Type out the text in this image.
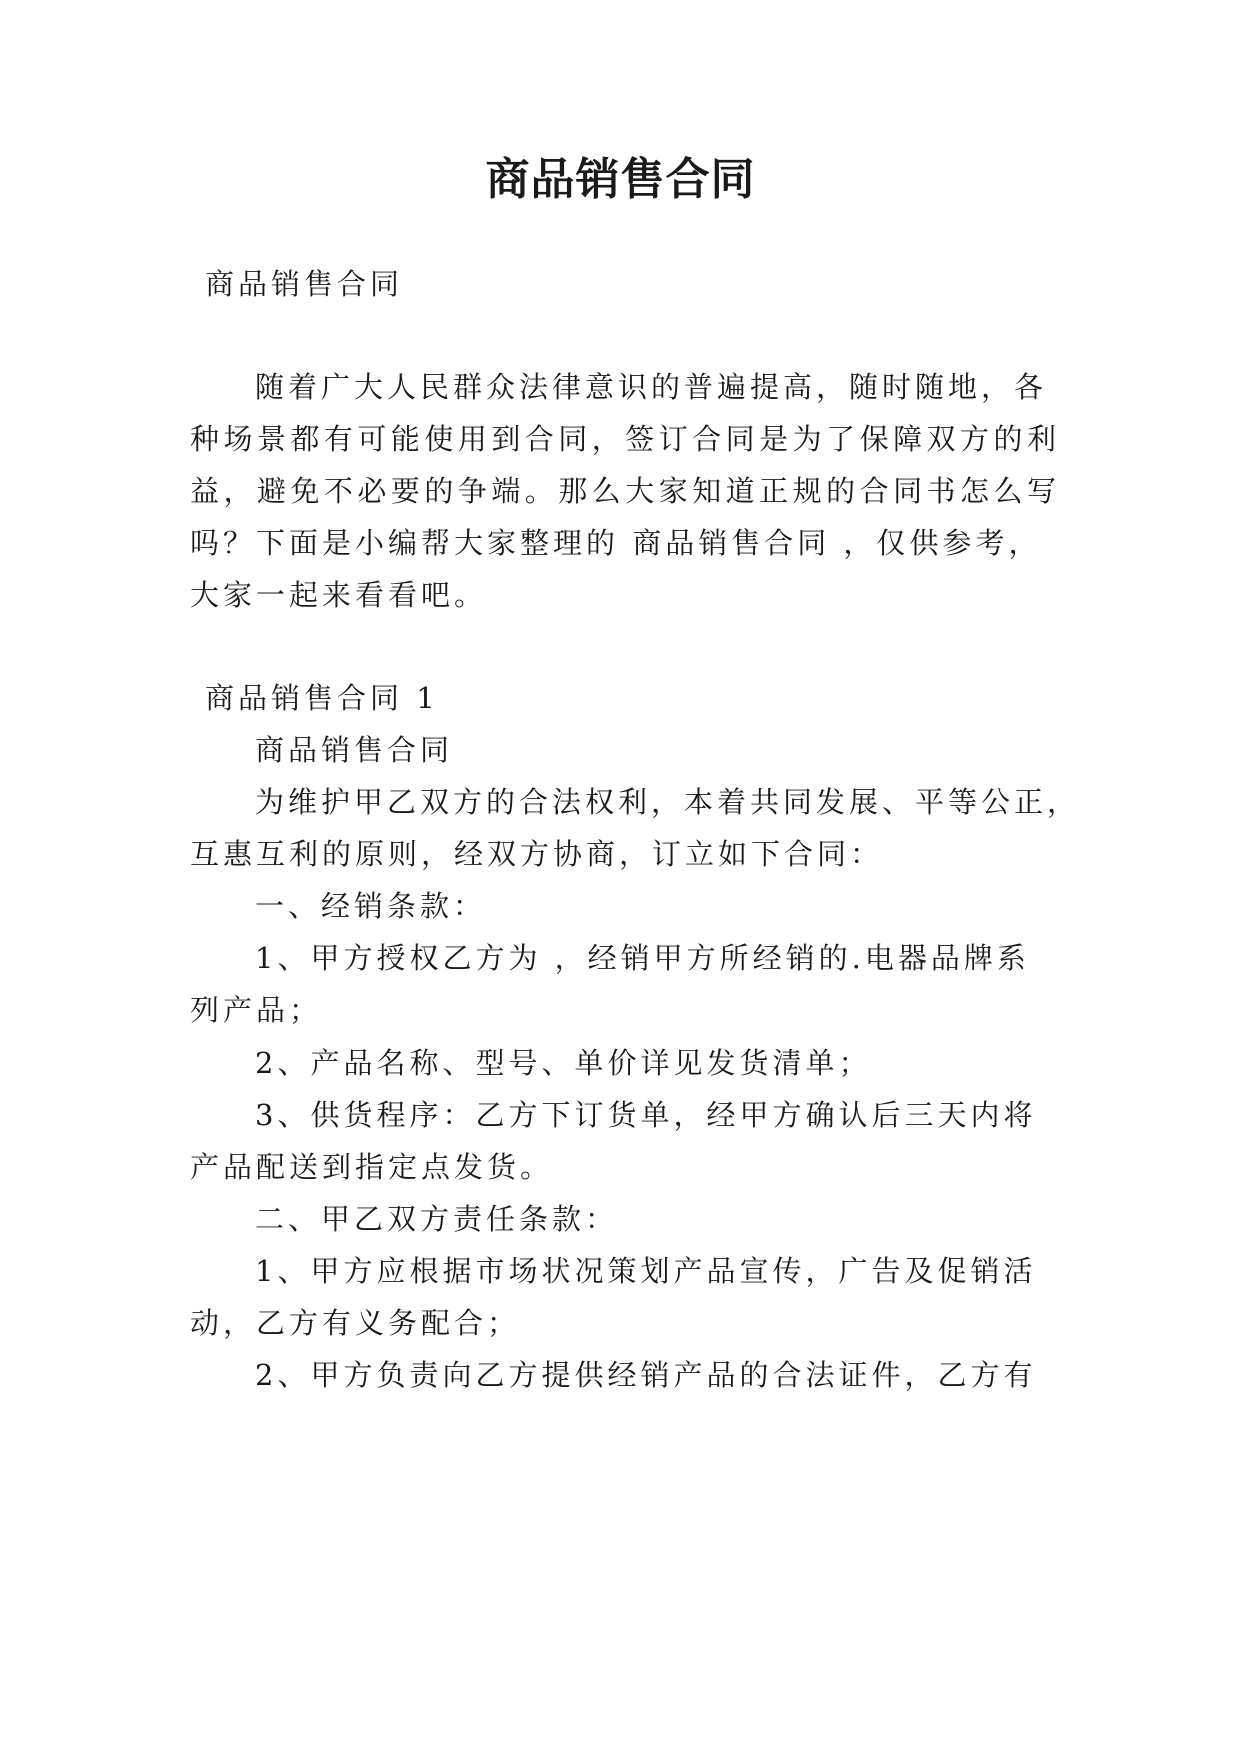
商品销售合同
商品销售合同
随着广大人民群众法律意识的普遍提高，随时随地，各
种场景都有可能使用到合同，签订合同是为了保障双方的利
益，避免不必要的争端。那么大家知道正规的合同书怎么写
吗？下面是小编帮大家整理的 商品销售合同 ，仅供参考，
大家一起来看看吧。
商品销售合同 1
商品销售合同
为维护甲乙双方的合法权利，本着共同发展、平等公正，
互惠互利的原则，经双方协商，订立如下合同：
一、经销条款：
1、甲方授权乙方为 ，经销甲方所经销的.电器品牌系
列产品；
2、产品名称、型号、单价详见发货清单；
3、供货程序：乙方下订货单，经甲方确认后三天内将
产品配送到指定点发货。
二、甲乙双方责任条款：
1、甲方应根据市场状况策划产品宣传，广告及促销活
动，乙方有义务配合；
2、甲方负责向乙方提供经销产品的合法证件，乙方有
